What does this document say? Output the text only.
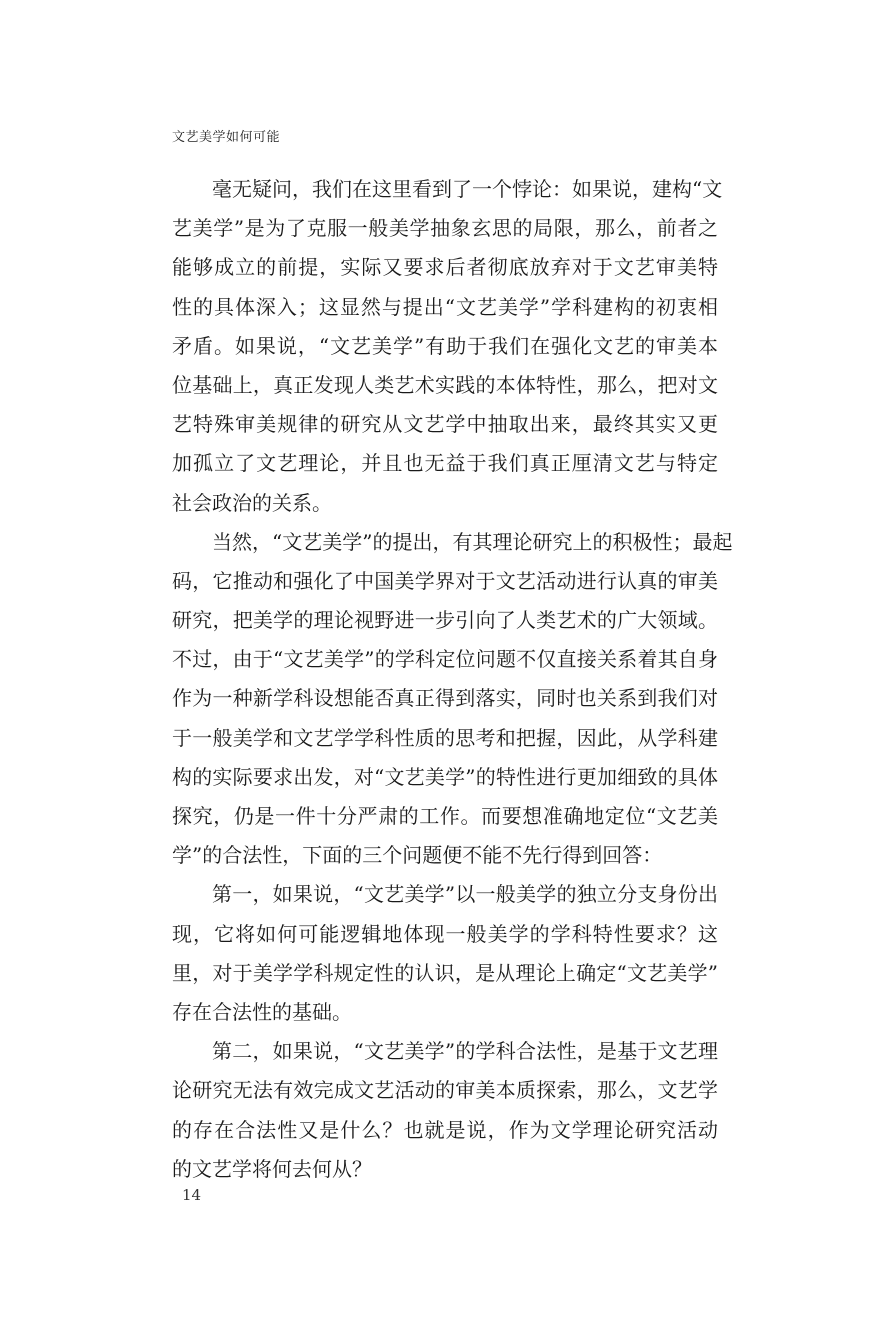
文艺美学如何可能
毫无疑问，我们在这里看到了一个悖论：如果说，建构“文
艺美学”是为了克服一般美学抽象玄思的局限，那么，前者之
能够成立的前提，实际又要求后者彻底放弃对于文艺审美特
性的具体深入；这显然与提出“文艺美学”学科建构的初衷相
矛盾。如果说，“文艺美学”有助于我们在强化文艺的审美本
位基础上，真正发现人类艺术实践的本体特性，那么，把对文
艺特殊审美规律的研究从文艺学中抽取出来，最终其实又更
加孤立了文艺理论，并且也无益于我们真正厘清文艺与特定
社会政治的关系。
当然，“文艺美学”的提出，有其理论研究上的积极性；最起
码，它推动和强化了中国美学界对于文艺活动进行认真的审美
研究，把美学的理论视野进一步引向了人类艺术的广大领域。
不过，由于“文艺美学”的学科定位问题不仅直接关系着其自身
作为一种新学科设想能否真正得到落实，同时也关系到我们对
于一般美学和文艺学学科性质的思考和把握，因此，从学科建
构的实际要求出发，对“文艺美学”的特性进行更加细致的具体
探究，仍是一件十分严肃的工作。而要想准确地定位“文艺美
学”的合法性，下面的三个问题便不能不先行得到回答：
第一，如果说，“文艺美学”以一般美学的独立分支身份出
现，它将如何可能逻辑地体现一般美学的学科特性要求？这
里，对于美学学科规定性的认识，是从理论上确定“文艺美学”
存在合法性的基础。
第二，如果说，“文艺美学”的学科合法性，是基于文艺理
论研究无法有效完成文艺活动的审美本质探索，那么，文艺学
的存在合法性又是什么？也就是说，作为文学理论研究活动
的文艺学将何去何从？
14
